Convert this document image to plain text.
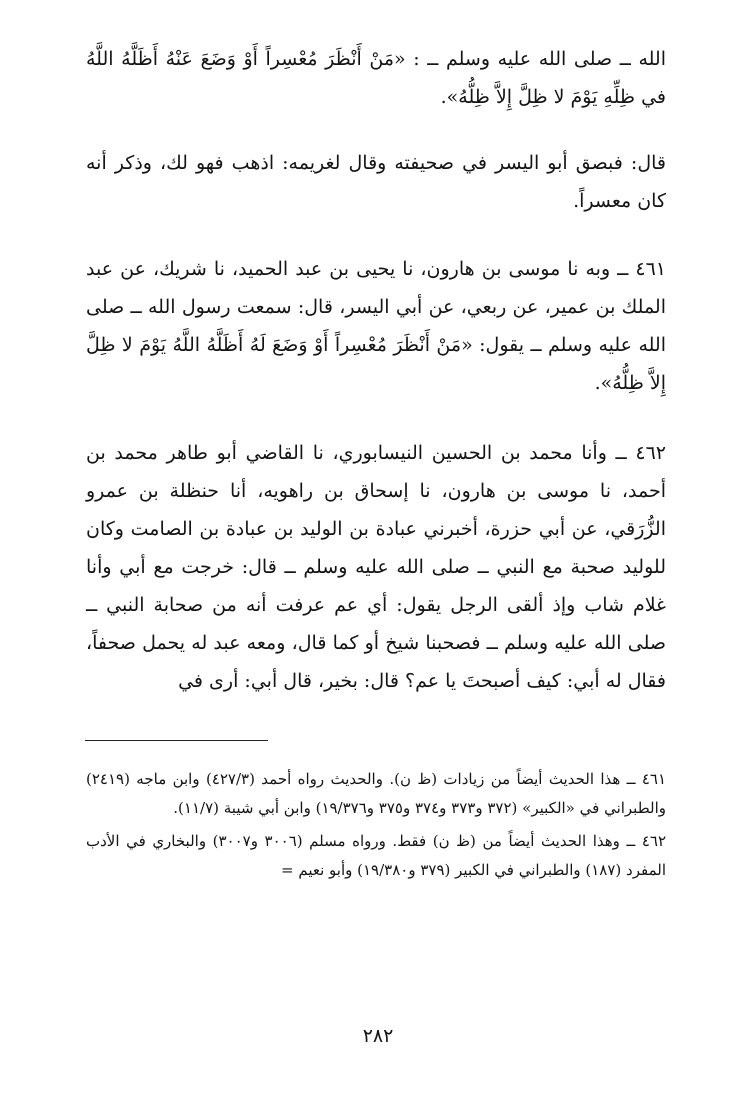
الله ــ صلى الله عليه وسلم ــ : «مَنْ أَنْظَرَ مُعْسِراً أَوْ وَضَعَ عَنْهُ أَظَلَّهُ اللَّهُ في ظِلِّهِ يَوْمَ لا ظِلَّ إِلاَّ ظِلُّهُ».

قال: فبصق أبو اليسر في صحيفته وقال لغريمه: اذهب فهو لك، وذكر أنه كان معسراً.

٤٦١ ــ وبه نا موسى بن هارون، نا يحيى بن عبد الحميد، نا شريك، عن عبد الملك بن عمير، عن ربعي، عن أبي اليسر، قال: سمعت رسول الله ــ صلى الله عليه وسلم ــ يقول: «مَنْ أَنْظَرَ مُعْسِراً أَوْ وَضَعَ لَهُ أَظَلَّهُ اللَّهُ يَوْمَ لا ظِلَّ إِلاَّ ظِلُّهُ».

٤٦٢ ــ وأنا محمد بن الحسين النيسابوري، نا القاضي أبو طاهر محمد بن أحمد، نا موسى بن هارون، نا إسحاق بن راهويه، أنا حنظلة بن عمرو الزُّرَقي، عن أبي حزرة، أخبرني عبادة بن الوليد بن عبادة بن الصامت وكان للوليد صحبة مع النبي ــ صلى الله عليه وسلم ــ قال: خرجت مع أبي وأنا غلام شاب وإذ ألقى الرجل يقول: أي عم عرفت أنه من صحابة النبي ــ صلى الله عليه وسلم ــ فصحبنا شيخ أو كما قال، ومعه عبد له يحمل صحفاً، فقال له أبي: كيف أصبحتَ يا عم؟ قال: بخير، قال أبي: أرى في

٤٦١ ــ هذا الحديث أيضاً من زيادات (ظ ن). والحديث رواه أحمد (٤٢٧/٣) وابن ماجه (٢٤١٩) والطبراني في «الكبير» (٣٧٢ و٣٧٣ و٣٧٤ و٣٧٥ و١٩/٣٧٦) وابن أبي شيبة (١١/٧).

٤٦٢ ــ وهذا الحديث أيضاً من (ظ ن) فقط. ورواه مسلم (٣٠٠٦ و٣٠٠٧) والبخاري في الأدب المفرد (١٨٧) والطبراني في الكبير (٣٧٩ و١٩/٣٨٠) وأبو نعيم =

٢٨٢
